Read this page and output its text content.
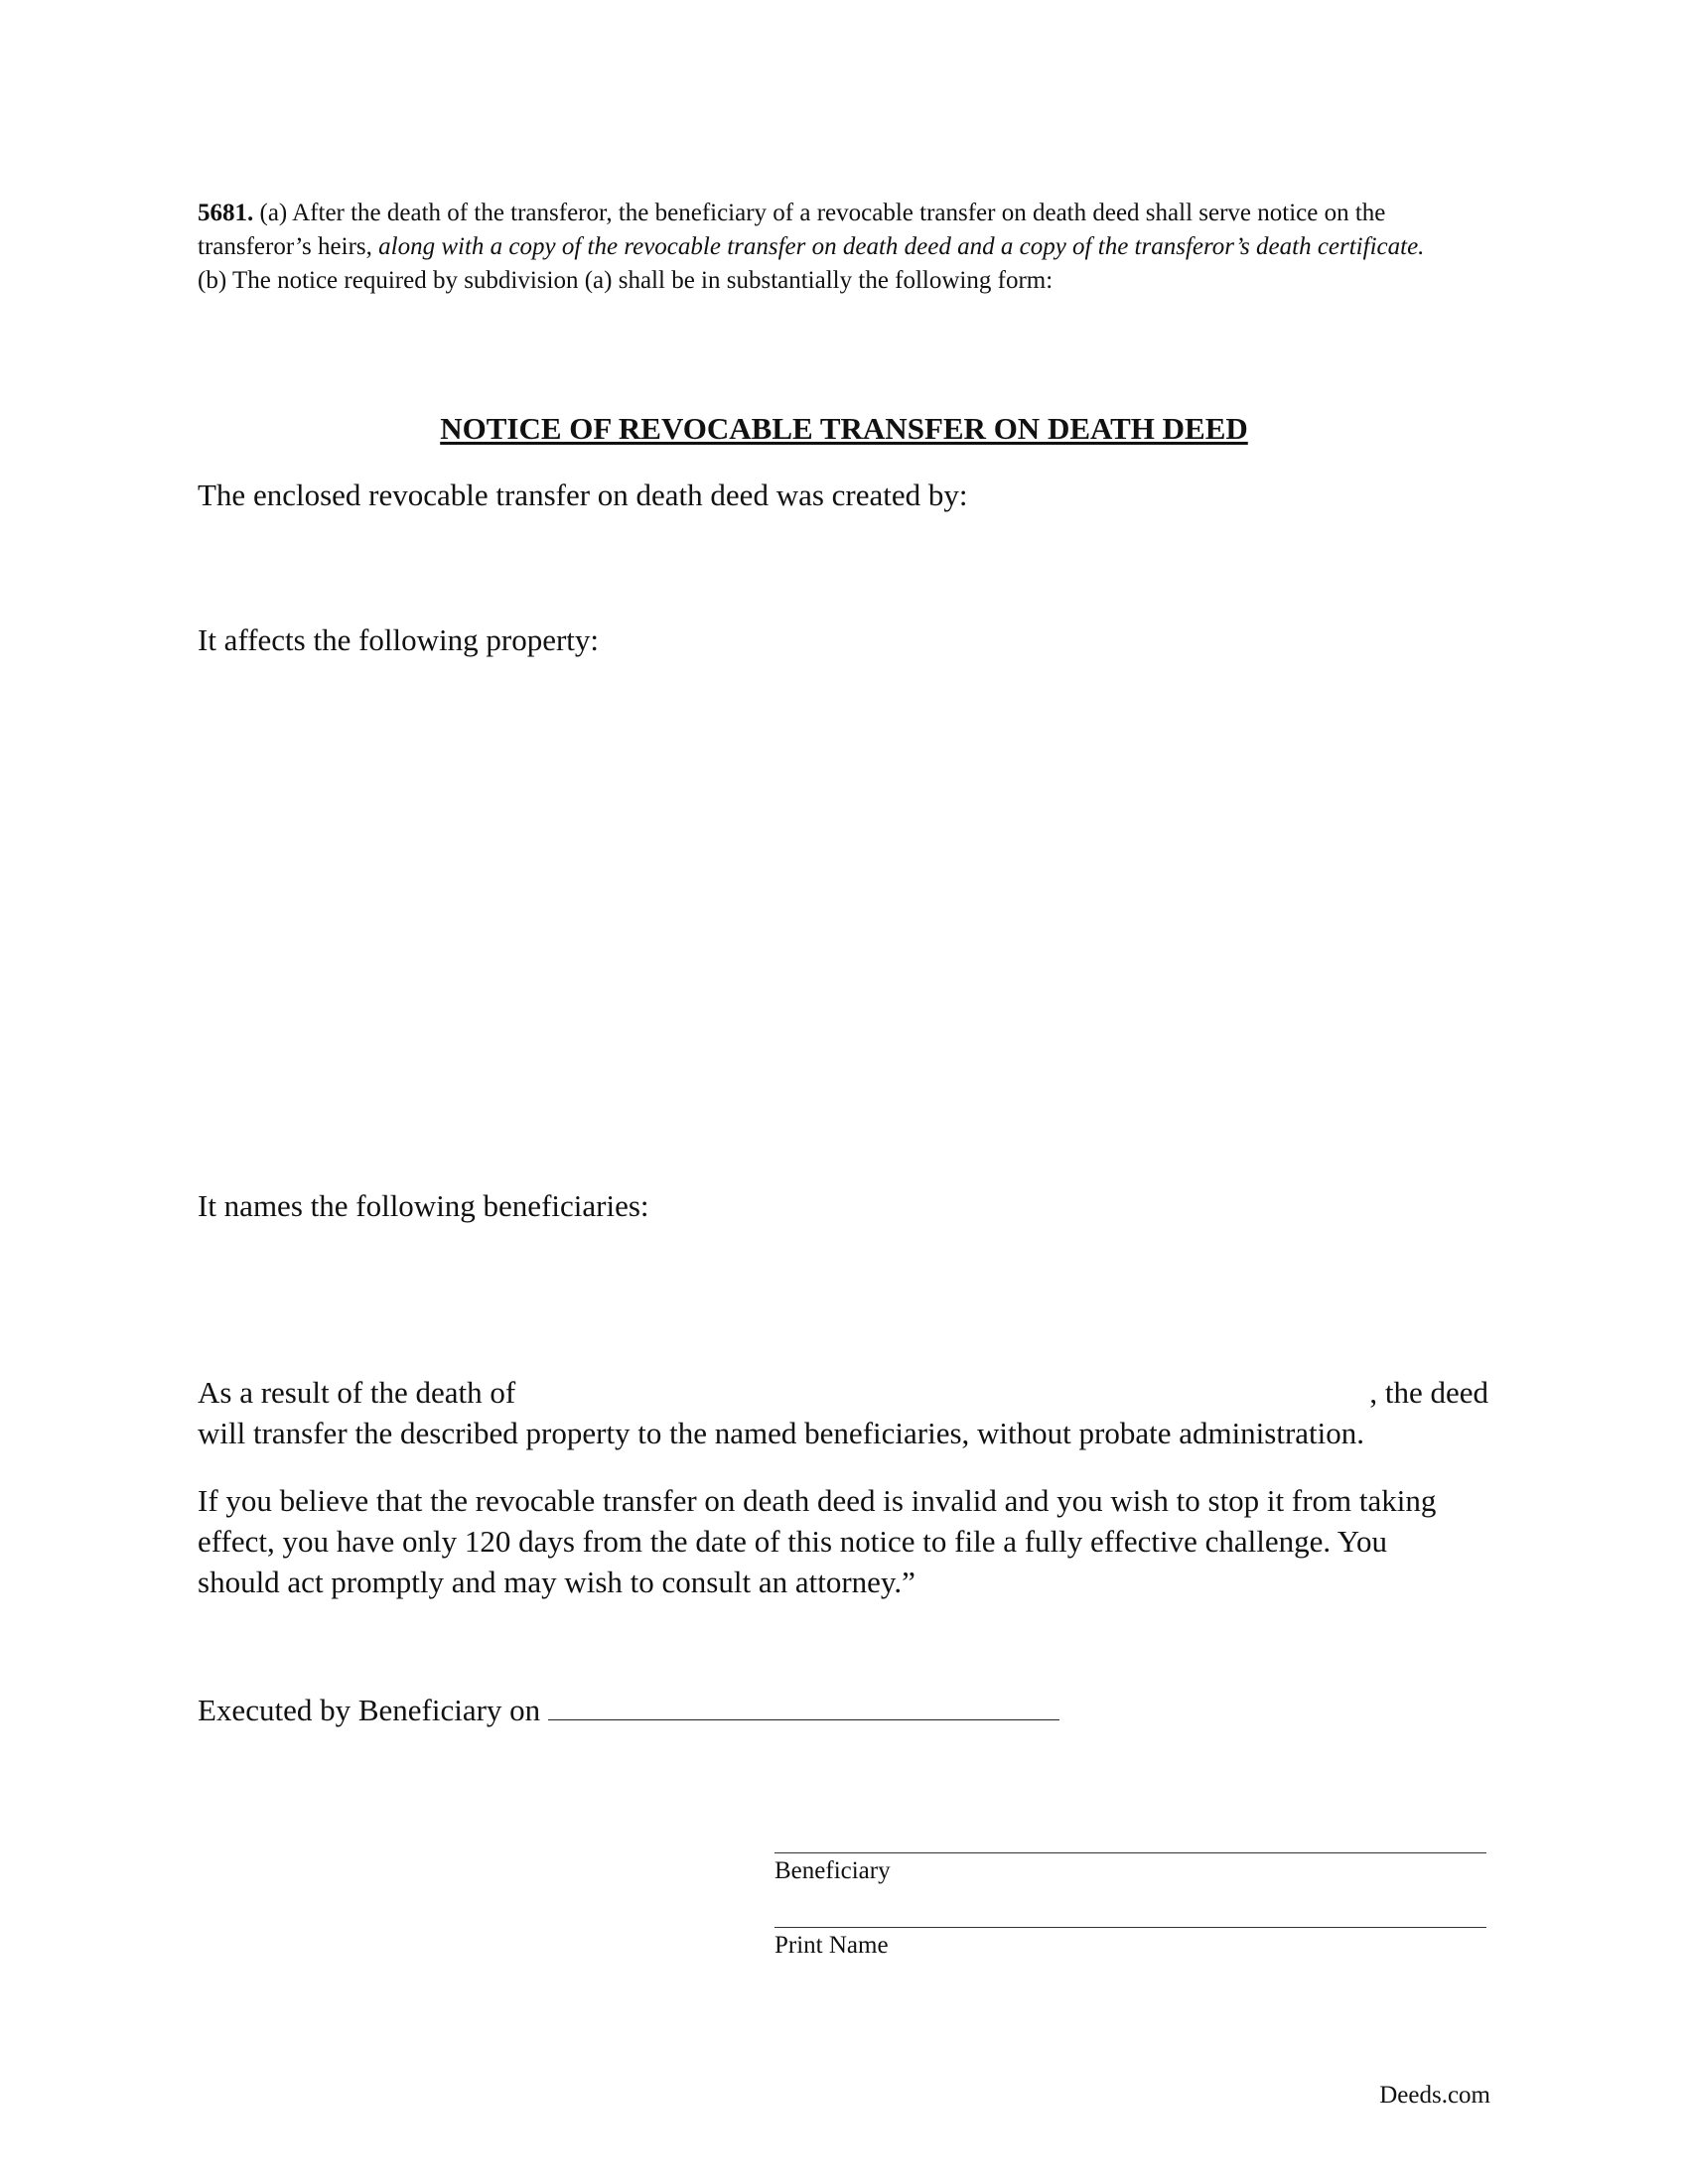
5681. (a) After the death of the transferor, the beneficiary of a revocable transfer on death deed shall serve notice on the transferor’s heirs, along with a copy of the revocable transfer on death deed and a copy of the transferor’s death certificate.

(b) The notice required by subdivision (a) shall be in substantially the following form:

NOTICE OF REVOCABLE TRANSFER ON DEATH DEED

The enclosed revocable transfer on death deed was created by:

It affects the following property:

It names the following beneficiaries:

As a result of the death of	, the deed
will transfer the described property to the named beneficiaries, without probate administration.

If you believe that the revocable transfer on death deed is invalid and you wish to stop it from taking effect, you have only 120 days from the date of this notice to file a fully effective challenge. You should act promptly and may wish to consult an attorney.”

Executed by Beneficiary on
Beneficiary
Print Name
Deeds.com
